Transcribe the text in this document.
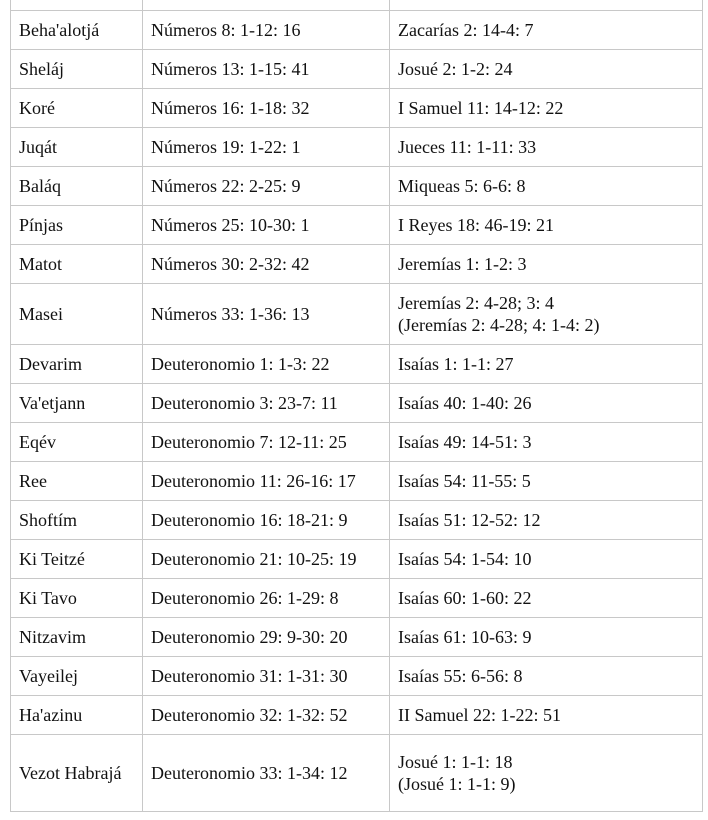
Beha'alotjá	Números 8: 1-12: 16	Zacarías 2: 14-4: 7

Sheláj	Números 13: 1-15: 41	Josué 2: 1-2: 24

Koré	Números 16: 1-18: 32	I Samuel 11: 14-12: 22

Juqát	Números 19: 1-22: 1	Jueces 11: 1-11: 33

Baláq	Números 22: 2-25: 9	Miqueas 5: 6-6: 8

Pínjas	Números 25: 10-30: 1	I Reyes 18: 46-19: 21

Matot	Números 30: 2-32: 42	Jeremías 1: 1-2: 3

Masei	Números 33: 1-36: 13	Jeremías 2: 4-28; 3: 4
(Jeremías 2: 4-28; 4: 1-4: 2)

Devarim	Deuteronomio 1: 1-3: 22	Isaías 1: 1-1: 27

Va'etjann	Deuteronomio 3: 23-7: 11	Isaías 40: 1-40: 26

Eqév	Deuteronomio 7: 12-11: 25	Isaías 49: 14-51: 3

Ree	Deuteronomio 11: 26-16: 17	Isaías 54: 11-55: 5

Shoftím	Deuteronomio 16: 18-21: 9	Isaías 51: 12-52: 12

Ki Teitzé	Deuteronomio 21: 10-25: 19	Isaías 54: 1-54: 10

Ki Tavo	Deuteronomio 26: 1-29: 8	Isaías 60: 1-60: 22

Nitzavim	Deuteronomio 29: 9-30: 20	Isaías 61: 10-63: 9

Vayeilej	Deuteronomio 31: 1-31: 30	Isaías 55: 6-56: 8

Ha'azinu	Deuteronomio 32: 1-32: 52	II Samuel 22: 1-22: 51

Vezot Habrajá	Deuteronomio 33: 1-34: 12	Josué 1: 1-1: 18
(Josué 1: 1-1: 9)
